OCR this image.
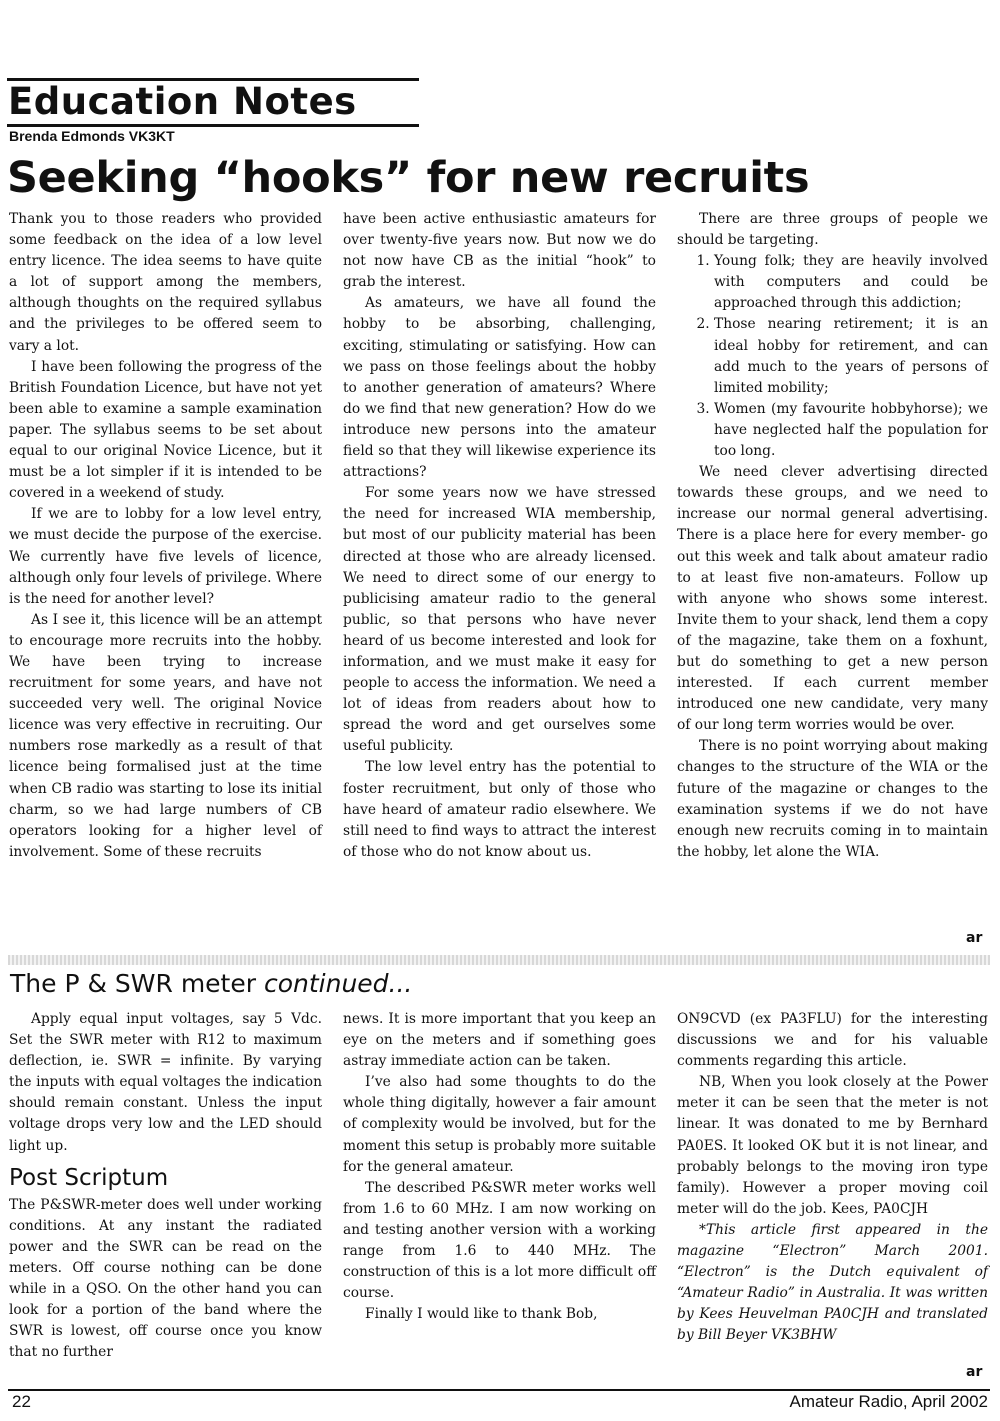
Education Notes
Brenda Edmonds VK3KT
Seeking “hooks” for new recruits

Thank you to those readers who provided some feedback on the idea of a low level entry licence. The idea seems to have quite a lot of support among the members, although thoughts on the required syllabus and the privileges to be offered seem to vary a lot.

I have been following the progress of the British Foundation Licence, but have not yet been able to examine a sample examination paper. The syllabus seems to be set about equal to our original Novice Licence, but it must be a lot simpler if it is intended to be covered in a weekend of study.

If we are to lobby for a low level entry, we must decide the purpose of the exercise. We currently have five levels of licence, although only four levels of privilege. Where is the need for another level?

As I see it, this licence will be an attempt to encourage more recruits into the hobby. We have been trying to increase recruitment for some years, and have not succeeded very well. The original Novice licence was very effective in recruiting. Our numbers rose markedly as a result of that licence being formalised just at the time when CB radio was starting to lose its initial charm, so we had large numbers of CB operators looking for a higher level of involvement. Some of these recruits

have been active enthusiastic amateurs for over twenty-five years now. But now we do not now have CB as the initial “hook” to grab the interest.

As amateurs, we have all found the hobby to be absorbing, challenging, exciting, stimulating or satisfying. How can we pass on those feelings about the hobby to another generation of amateurs? Where do we find that new generation? How do we introduce new persons into the amateur field so that they will likewise experience its attractions?

For some years now we have stressed the need for increased WIA membership, but most of our publicity material has been directed at those who are already licensed. We need to direct some of our energy to publicising amateur radio to the general public, so that persons who have never heard of us become interested and look for information, and we must make it easy for people to access the information. We need a lot of ideas from readers about how to spread the word and get ourselves some useful publicity.

The low level entry has the potential to foster recruitment, but only of those who have heard of amateur radio elsewhere. We still need to find ways to attract the interest of those who do not know about us.

There are three groups of people we should be targeting.

1. Young folk; they are heavily involved with computers and could be approached through this addiction;
2. Those nearing retirement; it is an ideal hobby for retirement, and can add much to the years of persons of limited mobility;
3. Women (my favourite hobbyhorse); we have neglected half the population for too long.

We need clever advertising directed towards these groups, and we need to increase our normal general advertising. There is a place here for every member- go out this week and talk about amateur radio to at least five non-amateurs. Follow up with anyone who shows some interest. Invite them to your shack, lend them a copy of the magazine, take them on a foxhunt, but do something to get a new person interested. If each current member introduced one new candidate, very many of our long term worries would be over.

There is no point worrying about making changes to the structure of the WIA or the future of the magazine or changes to the examination systems if we do not have enough new recruits coming in to maintain the hobby, let alone the WIA.

ar
The P & SWR meter continued...

Apply equal input voltages, say 5 Vdc. Set the SWR meter with R12 to maximum deflection, ie. SWR = infinite. By varying the inputs with equal voltages the indication should remain constant. Unless the input voltage drops very low and the LED should light up.

Post Scriptum

The P&SWR-meter does well under working conditions. At any instant the radiated power and the SWR can be read on the meters. Off course nothing can be done while in a QSO. On the other hand you can look for a portion of the band where the SWR is lowest, off course once you know that no further

news. It is more important that you keep an eye on the meters and if something goes astray immediate action can be taken.

I’ve also had some thoughts to do the whole thing digitally, however a fair amount of complexity would be involved, but for the moment this setup is probably more suitable for the general amateur.

The described P&SWR meter works well from 1.6 to 60 MHz. I am now working on and testing another version with a working range from 1.6 to 440 MHz. The construction of this is a lot more difficult off course.

Finally I would like to thank Bob,

ON9CVD (ex PA3FLU) for the interesting discussions we and for his valuable comments regarding this article.

NB, When you look closely at the Power meter it can be seen that the meter is not linear. It was donated to me by Bernhard PA0ES. It looked OK but it is not linear, and probably belongs to the moving iron type family). However a proper moving coil meter will do the job. Kees, PA0CJH

*This article first appeared in the magazine “Electron” March 2001. “Electron” is the Dutch equivalent of “Amateur Radio” in Australia. It was written by Kees Heuvelman PA0CJH and translated by Bill Beyer VK3BHW

ar
22	Amateur Radio, April 2002
